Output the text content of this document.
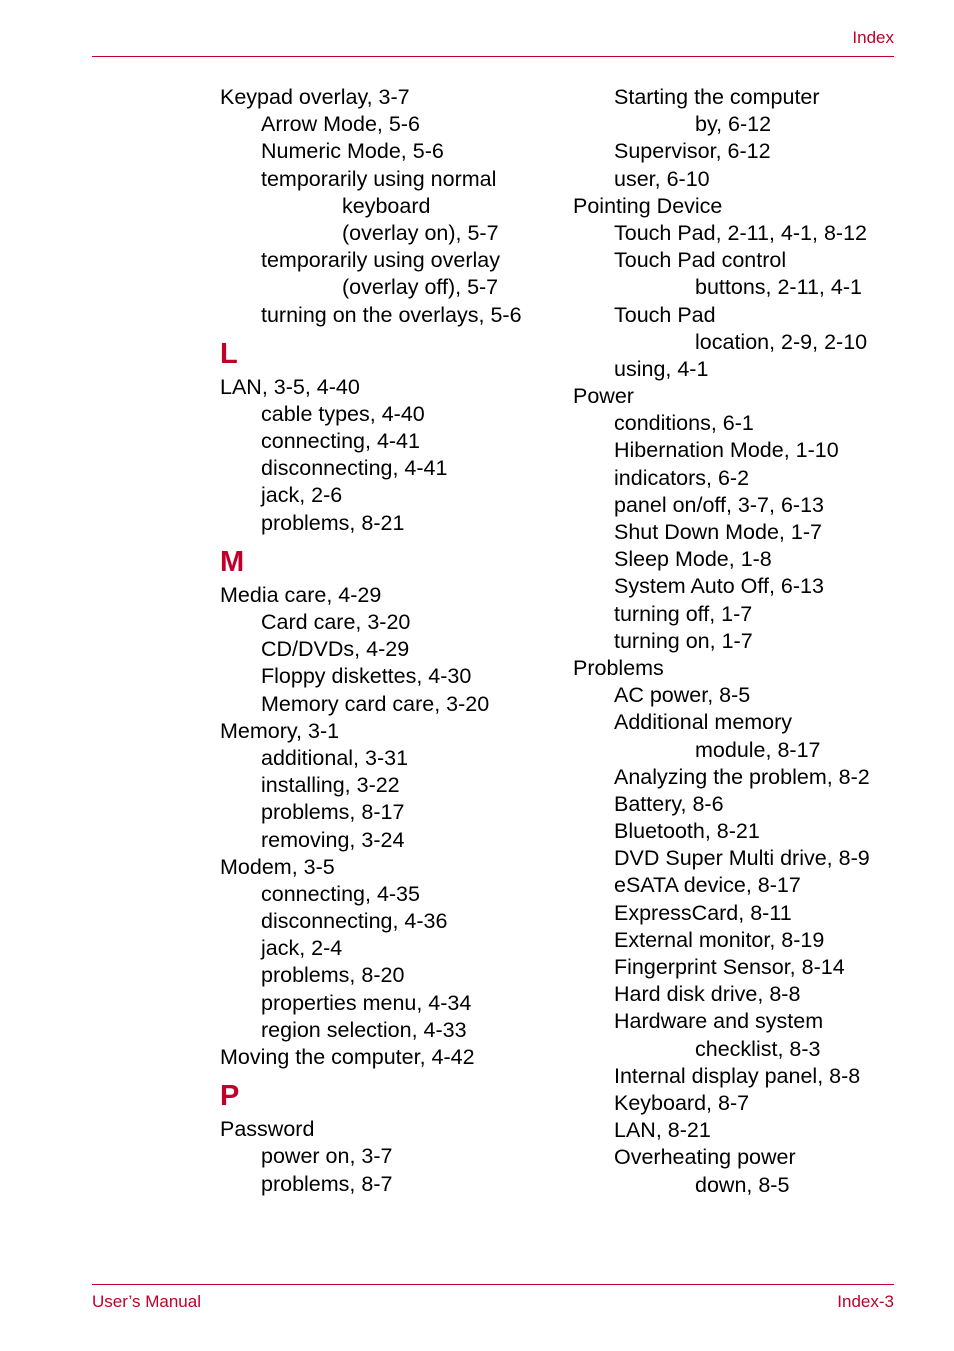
Index
Keypad overlay, 3-7
Arrow Mode, 5-6
Numeric Mode, 5-6
temporarily using normal
keyboard
(overlay on), 5-7
temporarily using overlay
(overlay off), 5-7
turning on the overlays, 5-6
L
LAN, 3-5, 4-40
cable types, 4-40
connecting, 4-41
disconnecting, 4-41
jack, 2-6
problems, 8-21
M
Media care, 4-29
Card care, 3-20
CD/DVDs, 4-29
Floppy diskettes, 4-30
Memory card care, 3-20
Memory, 3-1
additional, 3-31
installing, 3-22
problems, 8-17
removing, 3-24
Modem, 3-5
connecting, 4-35
disconnecting, 4-36
jack, 2-4
problems, 8-20
properties menu, 4-34
region selection, 4-33
Moving the computer, 4-42
P
Password
power on, 3-7
problems, 8-7
Starting the computer
by, 6-12
Supervisor, 6-12
user, 6-10
Pointing Device
Touch Pad, 2-11, 4-1, 8-12
Touch Pad control
buttons, 2-11, 4-1
Touch Pad
location, 2-9, 2-10
using, 4-1
Power
conditions, 6-1
Hibernation Mode, 1-10
indicators, 6-2
panel on/off, 3-7, 6-13
Shut Down Mode, 1-7
Sleep Mode, 1-8
System Auto Off, 6-13
turning off, 1-7
turning on, 1-7
Problems
AC power, 8-5
Additional memory
module, 8-17
Analyzing the problem, 8-2
Battery, 8-6
Bluetooth, 8-21
DVD Super Multi drive, 8-9
eSATA device, 8-17
ExpressCard, 8-11
External monitor, 8-19
Fingerprint Sensor, 8-14
Hard disk drive, 8-8
Hardware and system
checklist, 8-3
Internal display panel, 8-8
Keyboard, 8-7
LAN, 8-21
Overheating power
down, 8-5
User’s Manual	Index-3
